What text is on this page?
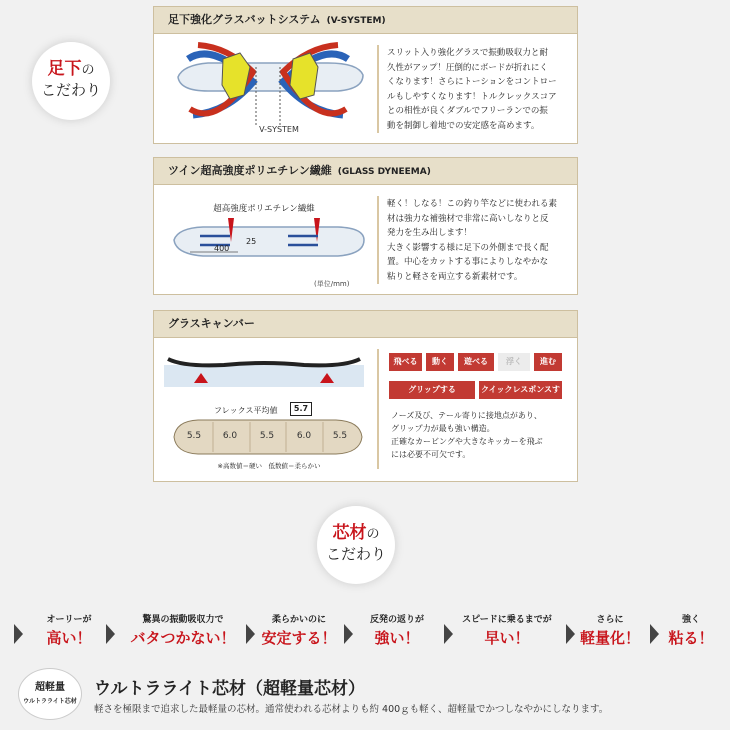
足下の
こだわり
足下強化グラスバットシステム (V-SYSTEM)
V-SYSTEM
スリット入り強化グラスで振動吸収力と耐
久性がアップ！圧倒的にボードが折れにく
くなります！さらにトーションをコントロー
ルもしやすくなります！トルクレックスコア
との相性が良くダブルでフリーランでの振
動を制御し着地での安定感を高めます。
ツイン超高強度ポリエチレン繊維 (GLASS DYNEEMA)
超高強度ポリエチレン繊維
400
25
(単位/mm)
軽く！しなる！この釣り竿などに使われる素
材は強力な補強材で非常に高いしなりと反
発力を生み出します！
大きく影響する様に足下の外側まで長く配
置。中心をカットする事によりしなやかな
粘りと軽さを両立する新素材です。
グラスキャンバー
フレックス平均値	5.7
5.5	6.0	5.5	6.0	5.5
※高数値＝硬い　低数値＝柔らかい
飛べる	動く	遊べる	浮く	進む
グリップする	クイックレスポンスする
ノーズ及び、テール寄りに接地点があり、
グリップ力が最も強い構造。
正確なカービングや大きなキッカーを飛ぶ
には必要不可欠です。
芯材の
こだわり
オーリーが
高い！
驚異の振動吸収力で
バタつかない！
柔らかいのに
安定する！
反発の返りが
強い！
スピードに乗るまでが
早い！
さらに
軽量化！
強く
粘る！
超軽量
ウルトラライト芯材
ウルトラライト芯材（超軽量芯材）
軽さを極限まで追求した最軽量の芯材。通常使われる芯材よりも約 400ｇも軽く、超軽量でかつしなやかにしなります。
